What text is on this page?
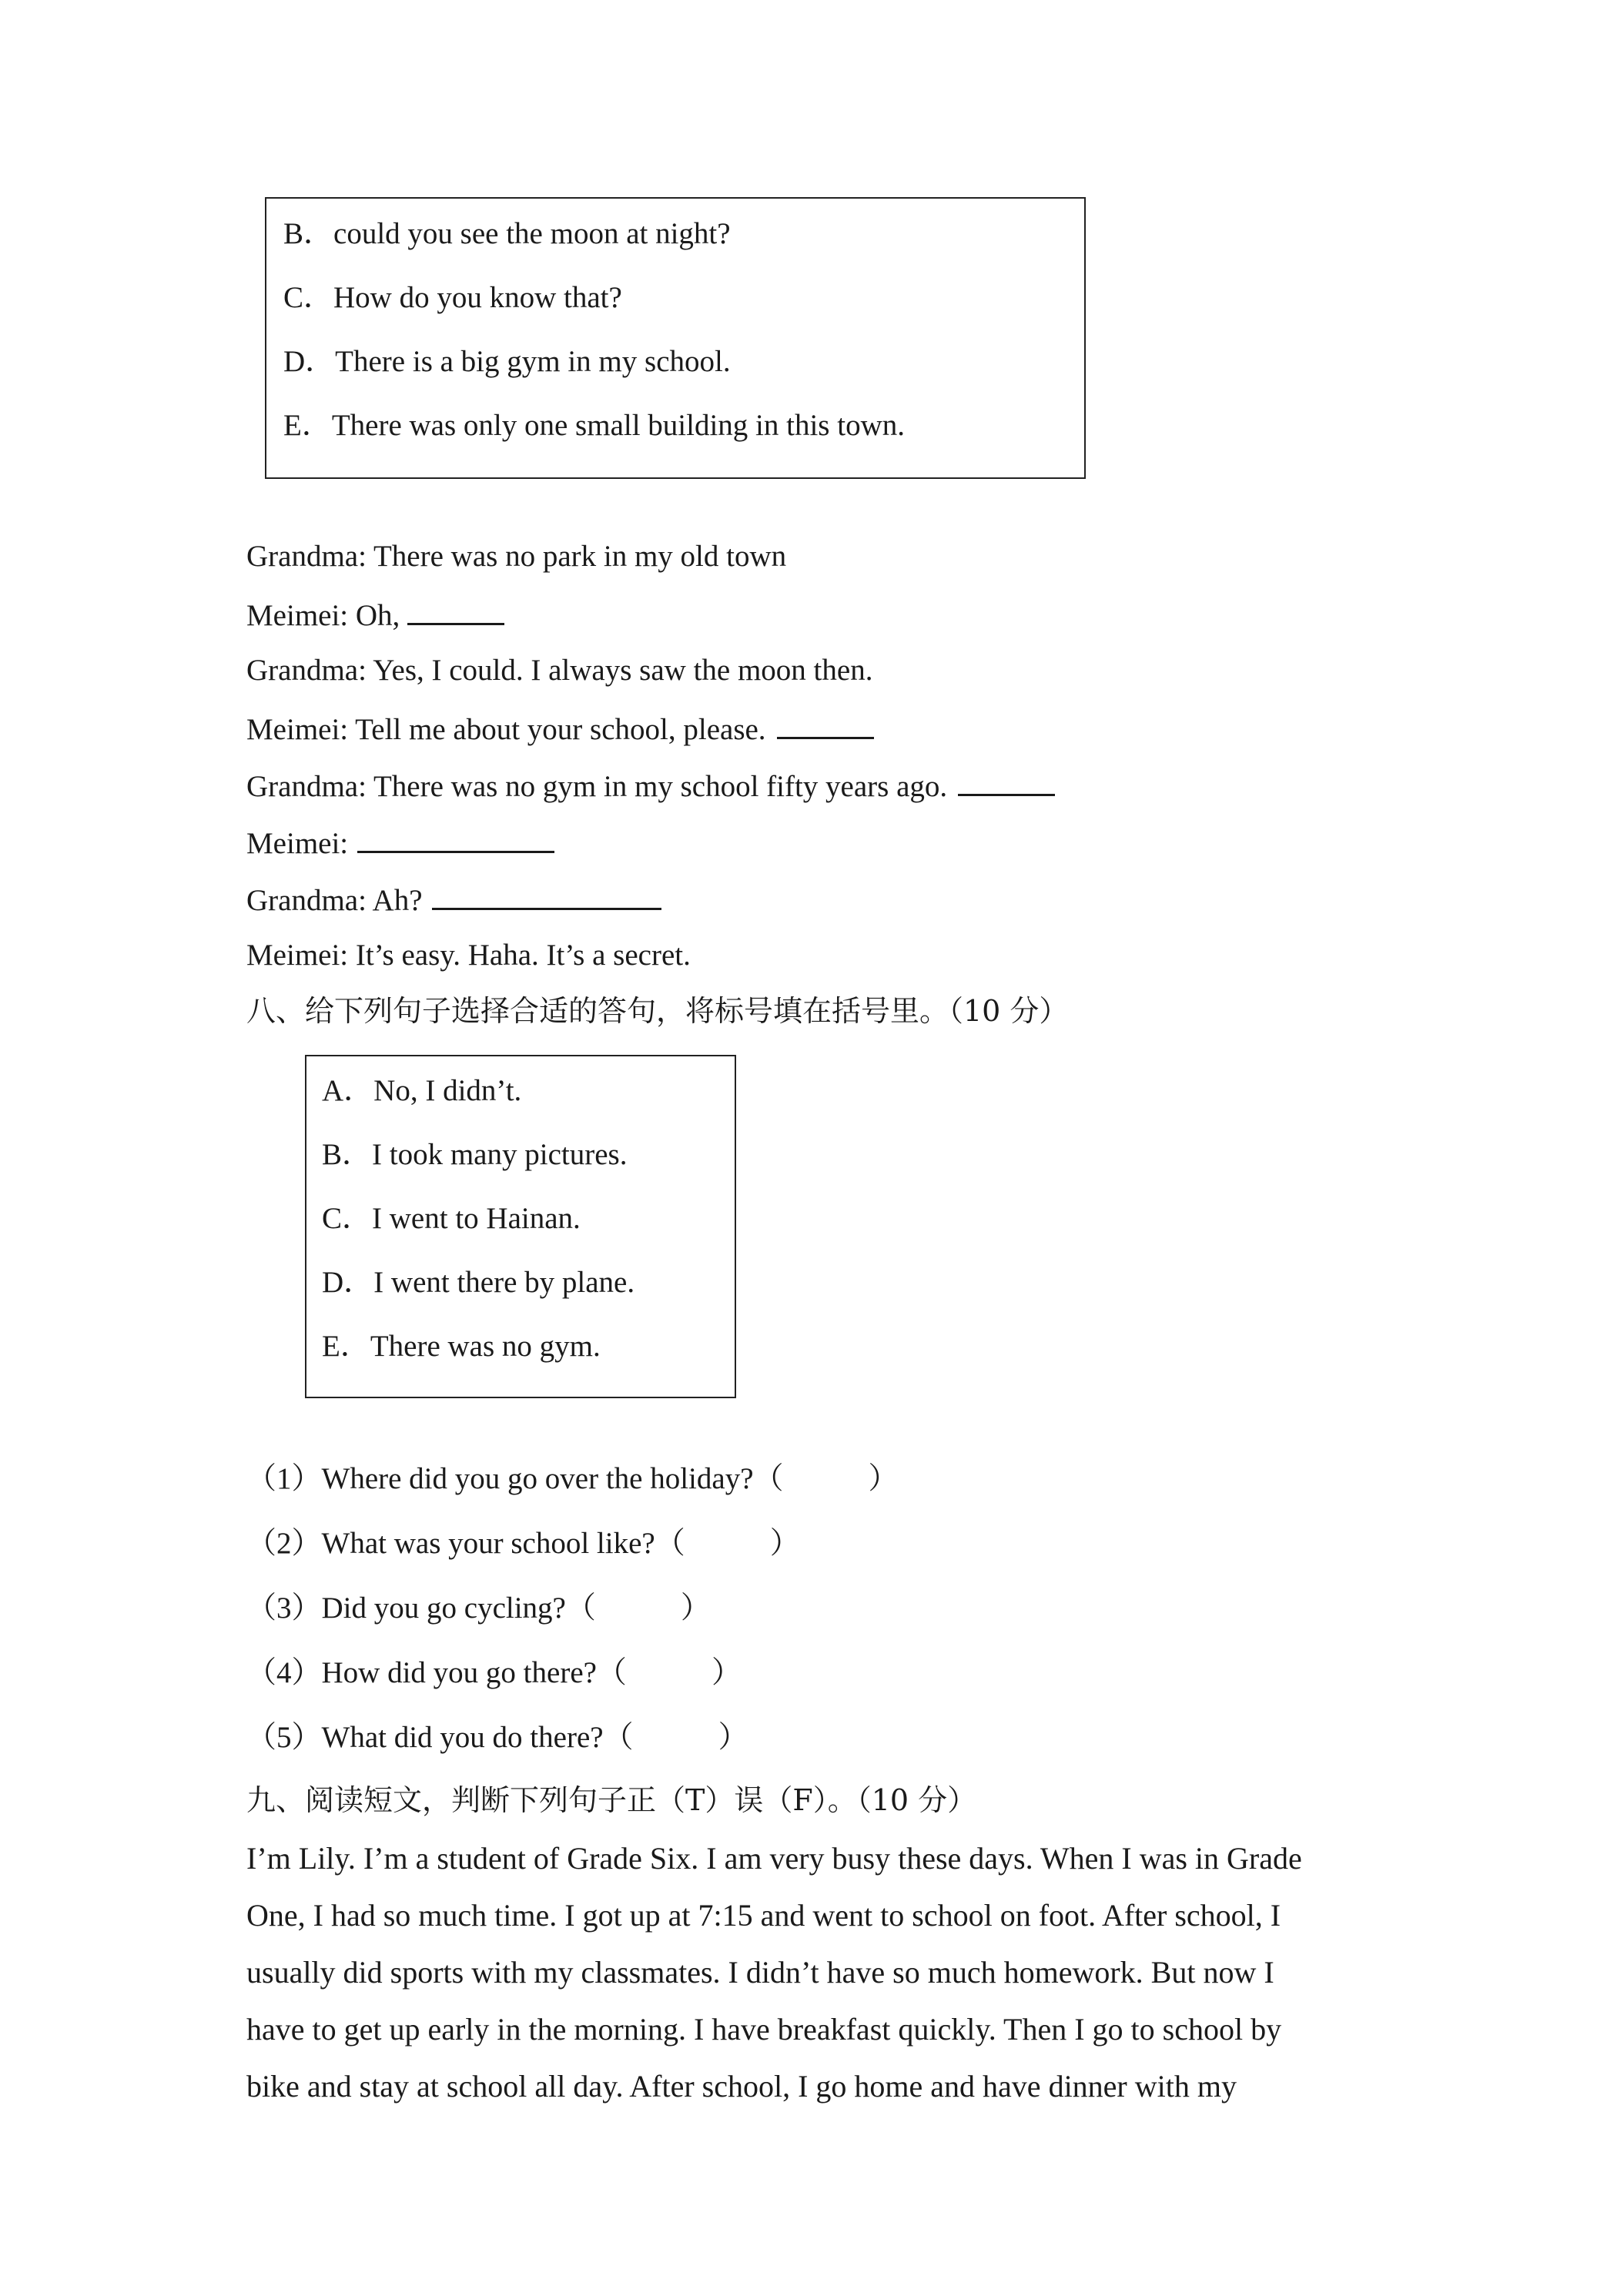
B．could you see the moon at night?
C．How do you know that?
D．There is a big gym in my school.
E．There was only one small building in this town.
Grandma: There was no park in my old town
Meimei: Oh,
Grandma: Yes, I could. I always saw the moon then.
Meimei: Tell me about your school, please.
Grandma: There was no gym in my school fifty years ago.
Meimei:
Grandma: Ah?
Meimei: It’s easy. Haha. It’s a secret.
八、给下列句子选择合适的答句，将标号填在括号里。（10 分）
A．No, I didn’t.
B．I took many pictures.
C．I went to Hainan.
D．I went there by plane.
E．There was no gym.
（1）Where did you go over the holiday?（	）
（2）What was your school like?（	）
（3）Did you go cycling?（	）
（4）How did you go there?（	）
（5）What did you do there?（	）
九、阅读短文，判断下列句子正（T）误（F）。（10 分）
I’m Lily. I’m a student of Grade Six. I am very busy these days. When I was in Grade
One, I had so much time. I got up at 7:15 and went to school on foot. After school, I
usually did sports with my classmates. I didn’t have so much homework. But now I
have to get up early in the morning. I have breakfast quickly. Then I go to school by
bike and stay at school all day. After school, I go home and have dinner with my
